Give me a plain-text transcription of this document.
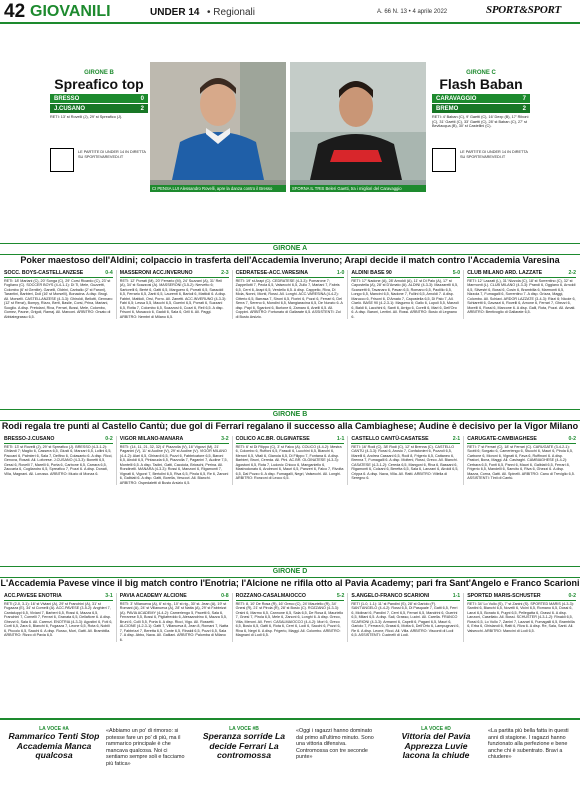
42 GIOVANILI	UNDER 14 • Regionali	A. 66 N. 13 • 4 aprile 2022	SPORT&SPORT
GIRONE B
Spreafico top
BRESSO	0
J.CUSANO	2
RETI: 13' st Rovelli (J), 29' st Spreafico (J).
LE PARTITE DI UNDER 14 IN DIRETTA SU SPORTEVAREVEDI.IT
CI PENSA LUI Alessandro Rovelli, apre la danza contro il Bresso	SFORNA IL TRIS Beleri Gaetti, tra i migliori del Caravaggio
GIRONE C
Flash Baban
CARAVAGGIO	7
BREMO	2
RETI: 4' Baban (C), 9' Gaetti (C), 16' Dexp (B), 17' Ribonì (C), 31' Gaetti (C), 33' Gaetti (C), 28' st Baban (C), 27' st Bevilacqua (B), 30' st Castellini (C).
LE PARTITE DI UNDER 14 IN DIRETTA SU SPORTEVAREVEDI.IT
GIRONE A
Poker maestoso dell'Aldini; colpaccio in trasferta dell'Accademia Inveruno; Arapi decide il match contro l'Accademia Varesina
SOCC. BOYS-CASTELLANZESE	0-4
RETI: 18' Mariani (C), 20' Songa (C), 29' Corsi Ricardo (C), 23' st Fogliano (C). SOCCER BOYS (4-4-1-1): Di Ti, Mele, Guzzetti, Colombo (6' st Gentile). Ganelli, Oldrini, Carballo (2' st Faroni), Tarantini, Barbieri, Doli (16' st Morselli), Bonacina. A disp. Brogi. All. Morselli. CASTELLANZESE (4-3-3): Ghiroldi, Bellotti, Gennaro (12' st Renzi), Bompy, Rizzo, Berti, Basile, Corsi, Prina, Mariani, Scoglio. A disp. Pretolani, Riva, Ferrari, Bossi, Mele, Colombo, Gomez, Paone, Grigoli, Ramaj. All. Marconi. ARBITRO: Orsato di Abbiategrasso 6,5.
MASSERONI ACC.INVERUNO	2-3
RETI: 12' Porrati (M), 20' Ferrario (M), 24' Suzzani (A), 31' Reil (A), 34' st Scazzosi (A). MASSERONI (3-5-2): Nervetto 6; Sartorelli 6, Bertè 6, Gatti 6,5, Marguero 6, Porrati 6,5, Sassoldi 6,5, Ferrario 6,5, Zanti 6,5, Laurenti 6, Bartoli 6, Mattioli 6. A disp. Fabbri, Mattioli, Orsi, Porro. All. Zanetti. ACC.INVERUNO (4-3-3): Fabi 6,5; Lessa 5,5, Macchi 6,5, Guerini 6,5, Porrati 6, Suzzani 6,5, Rotta 7, Colombo 6,5, Scazzosi 6, Cozzi 6, Reil 6,5. A disp. Frisoni 6, Musaccò 6, Gaddi 6, Sala 6, Grill 6. All. Paggi. ARBITRO: Nembri di Milano 6,5.
CEDRATESE-ACC.VARESINA	1-0
RETI: 19' st Arapi (C). CEDRATESE (4-3-3): Pomarone 7; Zappellotti 7, Peola 6,5, Valsecchi 6,5, Zullo 7, Mariani 7, Fabris 6,5, Cerri 6, Arapi 6,5, Verdello 6,5. A disp. Cappello, Riva, Di Mola, Nonni, Monti, Rossi. All. Longhi. ACC.VARESINA (4-4-2): Citterio 6,5, Barrasa 7, Sironi 6,5, Fiorini 6, Pozzi 6, Ferrari 6, Del Serra 7, Sereno 6, Mondini 6,5, Mangiaracina 6,5, De Nunzio 6. A disp. Papi 6, Sgarioni 6, Burlone 6, Zamaro 6, Anelli 6,5. All. Coppini. ARBITRO: Fortunato di Gallarate 6,5. ASSISTENTI: Zoi di Busto Arsizio.
ALDINI BASE 90	5-0
RETI: 17' Nadone (A), 28' Arnoldi (A), 11' st Di Palo (A), 17' st Capostella (A), 28' st D'Amato (A). ALDINI (4-3-3): Mazzarelli 6,5, Scanzetti 6, Tavanaro 6, Pavan 6,5, Romano 6,5, Paolillo 6,5, Longo 6,5, Mancini 6,5, Nadone 7, Fullini 6,5, Arnoldi 7. A disp. Marucco 6, Frisoni 6, D'Amato 7, Capostella 6,5, Di Palo 7, All. Ciarlò. BASE 90 (4-2-3-1): Magurno 6; Gallo 6, Lupoli 5,5, Marzoli 6, Baldi 6, Lacchini 6, Santi 6, Arrigo 6, Corelli 6, Mari 6, Dell'Oro 6. A disp. Baroni, Lentini. All. Rossi. ARBITRO: Bosio di Legnano 6.
CLUB MILANO ARD. LAZZATE	2-2
RETI: 12' Lazzati (L), 31' Nizzola (C), 18' st Sorrentino (C), 32' st Marmonti (L). CLUB MILANO (4-3-3): Prandi 6, Oggiano 6, Arnoldi 6,5, Silvestri 6, Bossi 6, Cosin 6, Brambilla 6, Marmonti 6,5, Nizzola 7, Fumagalli 6, Sorrentino 7. A disp. Grizza, Maggi, Colombo. All. Schiavi. ARDOR LAZZATE (3-4-3): Rizzi 6; Nicole 6, Schiaretti 6, Gavazzi 6, Rovelli 6, Arnone 6, Ferrari 7, Ghezzi 6, Morelli 6, Rossi 6, Marcone 6. A disp. Galli, Rota, Pozzi. All. Amati. ARBITRO: Bentivoglio di Gallarate 6,5.
GIRONE B
Rodi regala tre punti al Castello Cantù; due gol di Ferrari regalano il successo alla Cambiaghese; Audine è decisivo per la Vigor Milano
BRESSO-J.CUSANO	0-2
RETI: 13' st Rovelli (J), 29' st Spreafico (J). BRESSO (4-3-1-2): Ghilardi 7; Maglio 6, Cassera 6,5, Giusti 6, Marzari 6,5, Lollini 6,5, Paccani 6, Palmieri 6, Sala 7, Delfino 6, Colasanto 6. A disp. Ricci, Genova, Rosati. All. Loforese. J.CUSANO (4-3-3): Bonetti 6,5, Gessi 6, Rovelli 7, Marelli 6, Porta 6, Carbone 6,5, Carrara 6,5, Zaccaria 6, Cogliandro 6,5, Spreafico 7, Pozzi 6. A disp. Donati, Villa, Magnani. All. Lorusso. ARBITRO: Muzio di Monza 6.
VIGOR MILANO-MANARA	3-2
RETI: (14, 11, 21, 32, 32) 4' Piazzolla (V), 16' Vigorzi (M), 21' Paganini (V), 11' st Audine (V), 29' st Audine (V). VIGOR MILANO (4-4-2): Alari 6,5, Ghirardi 6,5, Pozzi 6, Fabbricatore 6,5, Baroni 6,5, Airoldi 6,5, Pintacuda 6,5, Piazzolla 7, Paganini 7, Audine 7,5, Montelli 6,5. A disp. Tadini, Gatti, Cacciola, Brioschi, Perina. All. Rondinelli. MANARA (4-3-3): Rossi 6, Manzoni 6, Rigamonti 7, Vignati 6, Vigorzi 7, Bertolini 6,5, Riva 6,5, Pirola 6,5, Re 6, Zanoni 6, Galbiati 6. A disp. Gatti, Borella, Vescovi. All. Bianchi. ARBITRO: Ospedaletti di Busto Arsizio 6,5.
COLICO AC.BR. OLGINATESE	1-1
RETI: 6' st Di Filippo (C), 3' st Falco (A). COLICO (4-4-2): Mestra 6, Colombo 6, Ruffoni 6,5, Fassoli 6, Lucchini 6,5, Bianchi 6, Meroni 6,5, Vitali 6, Gianola 6,5, Di Filippo 7, Fontana 6. A disp. Barbieri, Bruni, Cereda. All. Pini. AC.BR. OLGINATESE (4-3-3): Agostoni 6,5, Rota 7, Ludovic Chicco 6, Manganiello 6, Mastrodonato 6, Andreoni 6, Mauri 6,5, Panzeri 6, Falco 7, Rivolta 6,5, Dal Pozzo 6. A disp. Fumagalli, Negri, Valsecchi. All. Longhi. ARBITRO: Ronzoni di Lecco 6,5.
CASTELLO CANTÙ-CASATESE	2-1
RETI: 16' Rodi (C), 38' Rodi (C), 12' st Brenna (C). CASTELLO CANTÙ (4-3-3): Rossi 6, Arosio 7, Confalonieri 6, Pozzoli 6,5, Marelli 6, Andrea Cassani 6,5, Rodi 8, Frigerio 6,5, Cattaneo 6, Brenna 7, Fumagalli 6. A disp. Molteni, Rossi, Greco. All. Bianchi. CASATESE (4-3-1-2): Cereda 6,5, Mangoni 6, Riva 6, Bassani 6, Rigamonti 6, Colzani 6, Beretta 6,5, Sala 6, Lanzani 6, Airoldi 6,5, Crippa 6. A disp. Nava, Villa. All. Ratti. ARBITRO: Villella di Seregno 6.
CARUGATE-CAMBIAGHESE	0-2
RETI: 7' st Ferrari (C), 18' st Ferrari (C). CARUGATE (3-4-2-1): Scotti 6; Sorgato 6, Camerlengo 6, Stucchi 6, Mauri 6, Pirola 6,5, Carbone 6, Moroni 6, Vignati 6, Fava 6, Ruffinoni 6. A disp. Pastori, Bona, Maggi. All. Casiraghi. CAMBIAGHESE (4-4-2): Cerbara 6,5, Fonti 6,5, Panni 6, Mauri 6, Galbiati 6,5, Ferrari 8, Frigerio 6,5, Mandelli 6, Sanvito 6, Riva 6, Ghezzi 6. A disp. Mazza, Corna, Gatti. All. Spinelli. ARBITRO: Canu di Treviglio 6,5. ASSISTENTI: Tinti di Cantù.
GIRONE D
L'Accademia Pavese vince il big match contro l'Enotria; l'Alcione ne rifila otto al Pavia Academy; pari fra Sant'Angelo e Franco Scarioni
ACC.PAVESE ENOTRIA	3-1
RETI (2-0, 3-1): 16' st Viviani (A), 29' st Franchini (A), 31' st Fugazza (E), 34' st Cornelli (A). ACC.PAVESE (3-5-2): Anghieri 7, Cantaluppi 6,5, Viviani 7, Barberi 6,5, Rossi 6, Mazza 6,5, Franchini 7, Cornelli 7, Ferrari 6, Granata 6,5, Dellafiore 6. A disp. Ghezzi 6, Sala 6. All. Carenzi. ENOTRIA (4-3-3): Agostini 6, Foti 6, Corti 6,5, Zara 6, Bianchi 6, Fugazza 7, Leone 6,5, Rota 6, Nobili 6, Piccolo 6,5, Sacchi 6. A disp. Russo, Mori, Gatti. All. Brambilla. ARBITRO: Rizzo di Pavia 6,5.
PAVIA ACADEMY ALCIONE	0-8
RETI: 3' Villanueva (A), 6' st rig., 10' st rig., 30' st. Jean (A), 19' st Romani (A), 24' st Villanueva (A), 28' st Natta (A), 29' st Fabbrizzi (A). PAVIA ACADEMY (4-4-2): Camerlengo 5, Pacetti 6, Sala 6, Ferrarese 5,5, Bossi 6, Pigliafreddo 6, Alessandrino 6, Mazza 5,5, Bruni 6, Colli 5,5, Porta 6. A disp. Ricci, Vigo. All. Rossetti. ALCIONE (4-2-3-1): Gatti 7, Villanueva 8, Jean 8, Romani 7, Natta 7, Fabbrizzi 7, Beretta 6,5, Conte 6,5, Rinaldi 6,5, Pozzi 6,5, Sala 7. A disp. Abbo, Nava. All. Galliani. ARBITRO: Palomba di Milano 6.
ROZZANO-CASALMAIOCCO	5-2
RETI: 8, 10' De Rosa (R), 16' Greco (C), 24' Mauriello (R), 34' Gnesi (R), 21' st Pirola (R), 28' st Bosio (C). ROZZANO (4-3-3): Orsini 6, Marmo 6,5, Cannone 6,5, Sala 6,5, De Rosa 8, Mauriello 7, Gnesi 7, Pirola 6,5, Mele 6, Zanoni 6, Longhi 6. A disp. Greco, Villa, Meroni. All. Ferri. CASALMAIOCCO (4-4-2): Mori 6, Greco 6,5, Bosio 6,5, Gatti 6, Rota 6, Cerri 6, Lodi 6, Sacchi 6, Pozzi 6, Riva 6, Negri 6. A disp. Frigerio, Maggi. All. Colombo. ARBITRO: Magnani di Lodi 6,5.
S.ANGELO-FRANCO SCARIONI	1-1
RETI (1-0, 1-1): 11' st Pandini (S), 28' st Gariolo (F). SANT'ANGELO (4-4-2): Rossi 6,5, Di Pasquale 7, Gatti 6,5, Ferri 6, Molinari 6, Pandini 7, Cerri 6,5, Ferrari 6,5, Mandrini 6, Guerini 6,5, Milani 6,5. A disp. Sali, Grasso, Lucini. All. Carella. FRANCO SCARIONI (4-3-3): Armanni 6, Capelli 6, Pagani 6,5, Mauri 6, Gariolo 7, Ferrara 6, Grassi 6, Motta 6, Dell'Orto 6, Lampugnani 6, Re 6. A disp. Leone, Ricci. All. Villa. ARBITRO: Visconti di Lodi 6,5. ASSISTENTI: Cucinelli di Lodi.
SPORTED MARIS-SCHUSTER	0-2
RETI: 34' Lo Vullo (S), 7' st Zanini (S). SPORTED MARIS (4-3-3): Santini 6, Bianchi 6,5, Novelli 6, Vicini 6,5, Romano 6,5, Dossi 6, Lanzi 6,5, Bonato 6, Pugni 6,5, Pellegatta 6, Grassi 6. A disp. Lanzoni, Casellato. All. Bossi. SCHUSTER (4-3-1-2): Rinaldi 6,5, Rossi 6,5, Lo Vullo 7, Zanini 7, Lazzari 6, Fumagalli 6,5, Brambilla 6, Erba 6, Ghislandi 6, Ratti 6, Riva 6. A disp. Re, Sala, Santi. All. Valsecchi. ARBITRO: Mancini di Lodi 6,5.
LA VOCE #A
Rammarico Tenti Stop Accademia Manca qualcosa
«Abbiamo un po' di rimorso: si potesse fare un po' di più, ma il rammarico principale è che mancava qualcosa. Noi ci sentiamo sempre soli e facciamo più fatica»
LA VOCE #B
Speranza sorride La decide Ferrari La contromossa
«Oggi i ragazzi hanno dominato dal primo all'ultimo minuto. Sono una vittoria difensiva. Contromossa con tre seconde punte»
LA VOCE #D
Vittoria del Pavia Apprezza Luvie Iacona la chiude
«La partita più bella fatta in questi anni di stagione. I ragazzi hanno funzionato alla perfezione e bene anche chi è subentrato. Bravi a chiudere»
